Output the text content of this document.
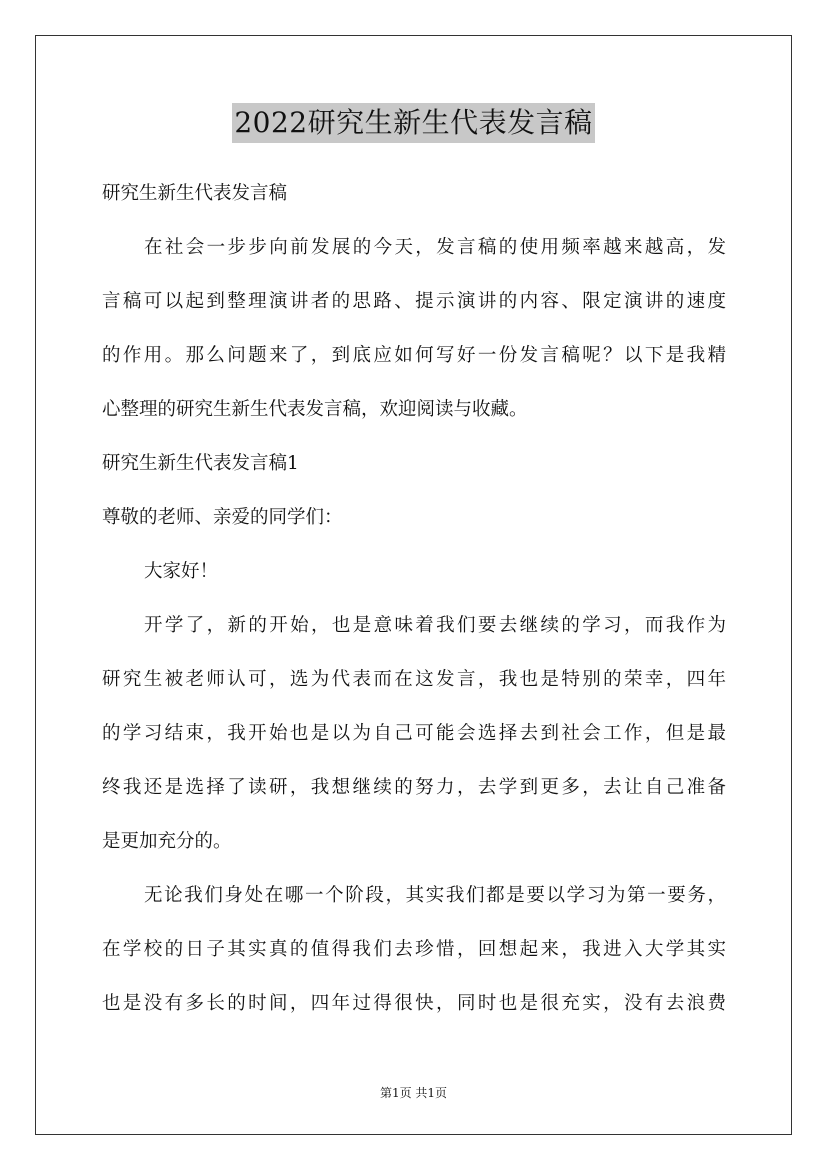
2022研究生新生代表发言稿
研究生新生代表发言稿
在社会一步步向前发展的今天，发言稿的使用频率越来越高，发
言稿可以起到整理演讲者的思路、提示演讲的内容、限定演讲的速度
的作用。那么问题来了，到底应如何写好一份发言稿呢？以下是我精
心整理的研究生新生代表发言稿，欢迎阅读与收藏。
研究生新生代表发言稿1
尊敬的老师、亲爱的同学们：
大家好！
开学了，新的开始，也是意味着我们要去继续的学习，而我作为
研究生被老师认可，选为代表而在这发言，我也是特别的荣幸，四年
的学习结束，我开始也是以为自己可能会选择去到社会工作，但是最
终我还是选择了读研，我想继续的努力，去学到更多，去让自己准备
是更加充分的。
无论我们身处在哪一个阶段，其实我们都是要以学习为第一要务，
在学校的日子其实真的值得我们去珍惜，回想起来，我进入大学其实
也是没有多长的时间，四年过得很快，同时也是很充实，没有去浪费
第1页 共1页
